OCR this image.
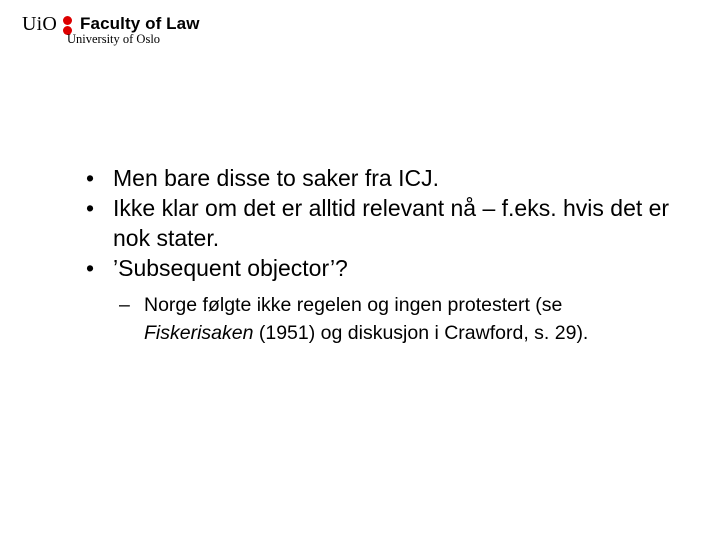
UiO Faculty of Law
University of Oslo
• Men bare disse to saker fra ICJ.
• Ikke klar om det er alltid relevant nå – f.eks. hvis det er nok stater.
• ’Subsequent objector’?
– Norge følgte ikke regelen og ingen protestert (se Fiskerisaken (1951) og diskusjon i Crawford, s. 29).
